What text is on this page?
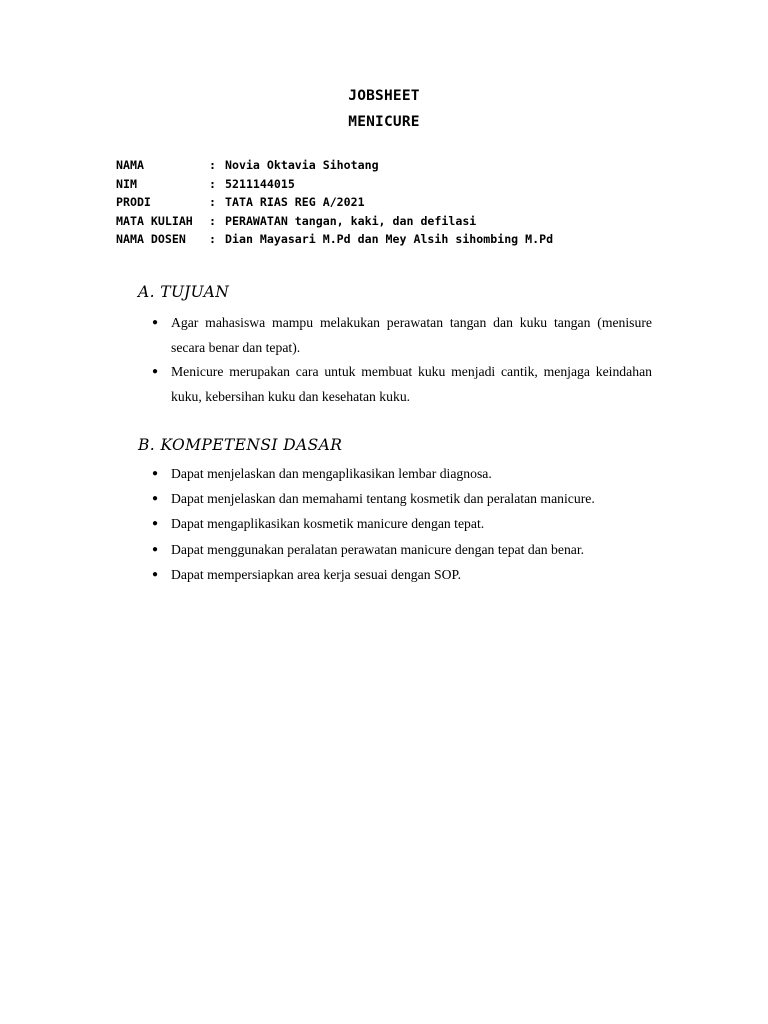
JOBSHEET
MENICURE
NAMA	: Novia Oktavia Sihotang
NIM	: 5211144015
PRODI	: TATA RIAS REG A/2021
MATA KULIAH	: PERAWATAN tangan, kaki, dan defilasi
NAMA DOSEN	: Dian Mayasari M.Pd dan Mey Alsih sihombing M.Pd
A. TUJUAN
● Agar mahasiswa mampu melakukan perawatan tangan dan kuku tangan (menisure secara benar dan tepat).
● Menicure merupakan cara untuk membuat kuku menjadi cantik, menjaga keindahan kuku, kebersihan kuku dan kesehatan kuku.
B. KOMPETENSI DASAR
● Dapat menjelaskan dan mengaplikasikan lembar diagnosa.
● Dapat menjelaskan dan memahami tentang kosmetik dan peralatan manicure.
● Dapat mengaplikasikan kosmetik manicure dengan tepat.
● Dapat menggunakan peralatan perawatan manicure dengan tepat dan benar.
● Dapat mempersiapkan area kerja sesuai dengan SOP.
